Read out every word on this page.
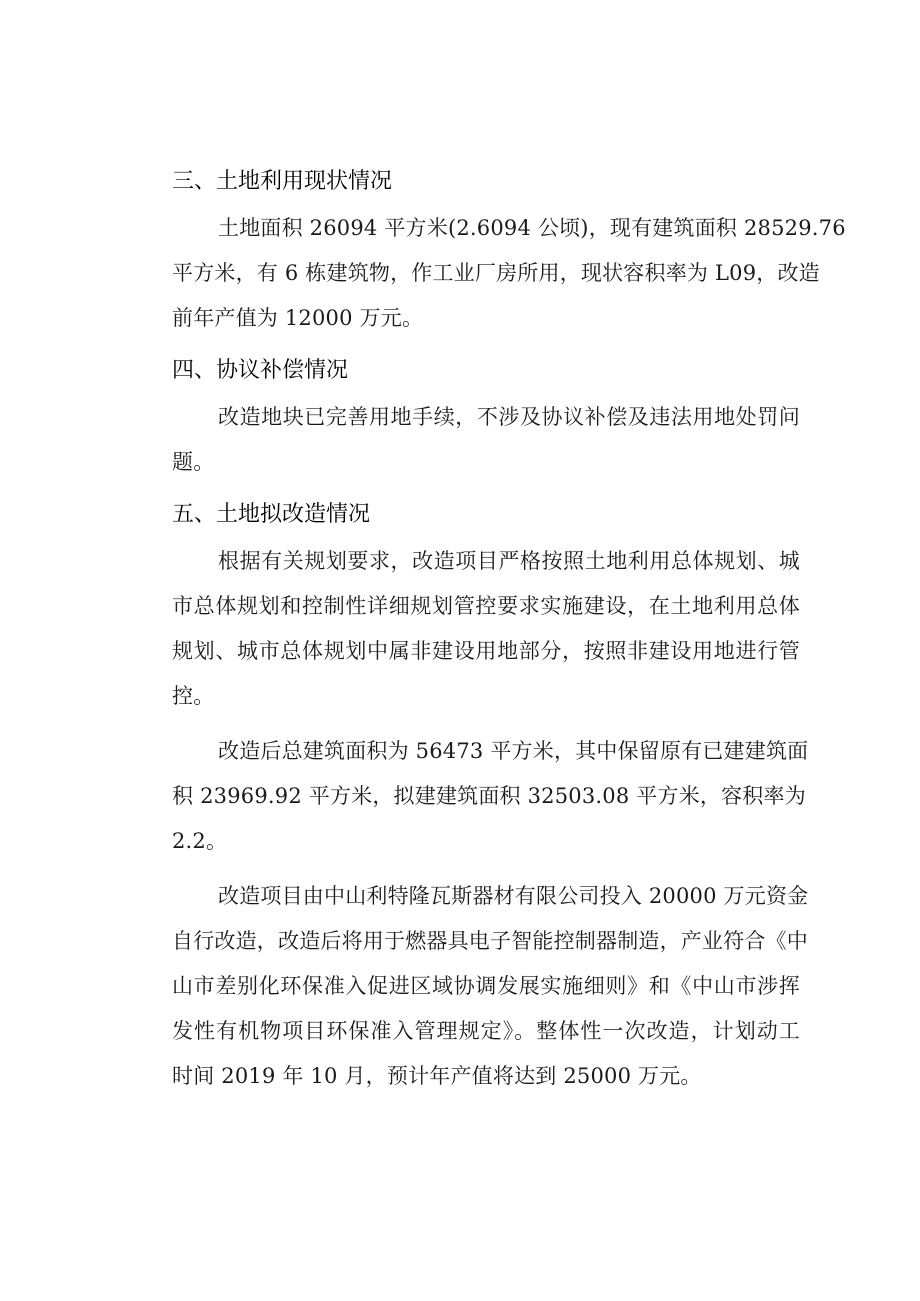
三、土地利用现状情况
土地面积 26094 平方米(2.6094 公顷)，现有建筑面积 28529.76
平方米，有 6 栋建筑物，作工业厂房所用，现状容积率为 L09，改造
前年产值为 12000 万元。
四、协议补偿情况
改造地块已完善用地手续，不涉及协议补偿及违法用地处罚问
题。
五、土地拟改造情况
根据有关规划要求，改造项目严格按照土地利用总体规划、城
市总体规划和控制性详细规划管控要求实施建设，在土地利用总体
规划、城市总体规划中属非建设用地部分，按照非建设用地进行管
控。
改造后总建筑面积为 56473 平方米，其中保留原有已建建筑面
积 23969.92 平方米，拟建建筑面积 32503.08 平方米，容积率为
2.2。
改造项目由中山利特隆瓦斯器材有限公司投入 20000 万元资金
自行改造，改造后将用于燃器具电子智能控制器制造，产业符合《中
山市差别化环保准入促进区域协调发展实施细则》和《中山市涉挥
发性有机物项目环保准入管理规定》。整体性一次改造，计划动工
时间 2019 年 10 月，预计年产值将达到 25000 万元。
